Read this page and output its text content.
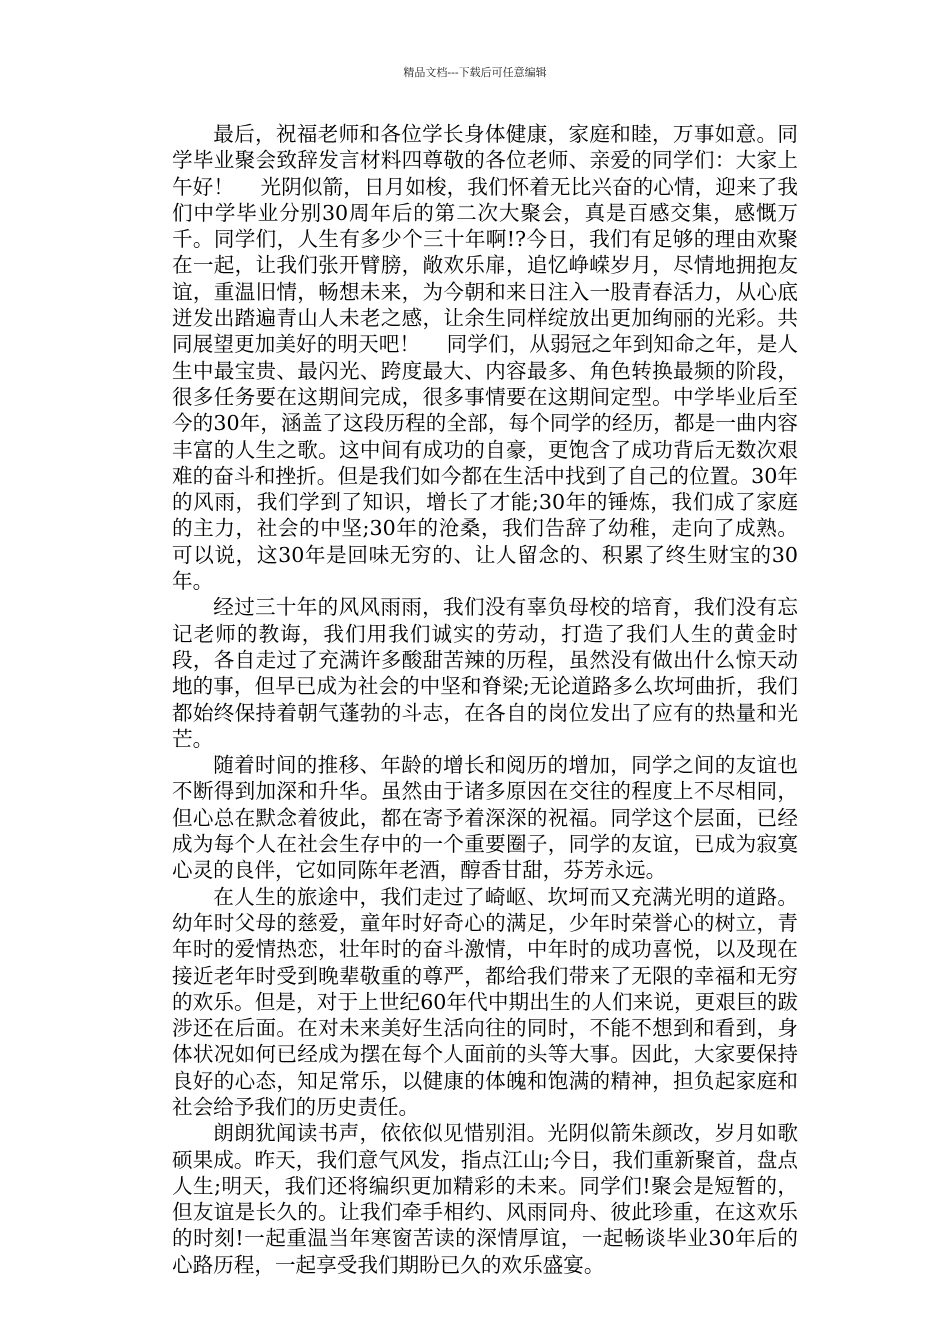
精品文档---下载后可任意编辑

最后，祝福老师和各位学长身体健康，家庭和睦，万事如意。同学毕业聚会致辞发言材料四尊敬的各位老师、亲爱的同学们：大家上午好！    光阴似箭，日月如梭，我们怀着无比兴奋的心情，迎来了我们中学毕业分别30周年后的第二次大聚会，真是百感交集，感慨万千。同学们，人生有多少个三十年啊!?今日，我们有足够的理由欢聚在一起，让我们张开臂膀，敞欢乐扉，追忆峥嵘岁月，尽情地拥抱友谊，重温旧情，畅想未来，为今朝和来日注入一股青春活力，从心底迸发出踏遍青山人未老之感，让余生同样绽放出更加绚丽的光彩。共同展望更加美好的明天吧！    同学们，从弱冠之年到知命之年，是人生中最宝贵、最闪光、跨度最大、内容最多、角色转换最频的阶段，很多任务要在这期间完成，很多事情要在这期间定型。中学毕业后至今的30年，涵盖了这段历程的全部，每个同学的经历，都是一曲内容丰富的人生之歌。这中间有成功的自豪，更饱含了成功背后无数次艰难的奋斗和挫折。但是我们如今都在生活中找到了自己的位置。30年的风雨，我们学到了知识，增长了才能;30年的锤炼，我们成了家庭的主力，社会的中坚;30年的沧桑，我们告辞了幼稚，走向了成熟。可以说，这30年是回味无穷的、让人留念的、积累了终生财宝的30年。

经过三十年的风风雨雨，我们没有辜负母校的培育，我们没有忘记老师的教诲，我们用我们诚实的劳动，打造了我们人生的黄金时段，各自走过了充满许多酸甜苦辣的历程，虽然没有做出什么惊天动地的事，但早已成为社会的中坚和脊梁;无论道路多么坎坷曲折，我们都始终保持着朝气蓬勃的斗志，在各自的岗位发出了应有的热量和光芒。

随着时间的推移、年龄的增长和阅历的增加，同学之间的友谊也不断得到加深和升华。虽然由于诸多原因在交往的程度上不尽相同，但心总在默念着彼此，都在寄予着深深的祝福。同学这个层面，已经成为每个人在社会生存中的一个重要圈子，同学的友谊，已成为寂寞心灵的良伴，它如同陈年老酒，醇香甘甜，芬芳永远。

在人生的旅途中，我们走过了崎岖、坎坷而又充满光明的道路。幼年时父母的慈爱，童年时好奇心的满足，少年时荣誉心的树立，青年时的爱情热恋，壮年时的奋斗激情，中年时的成功喜悦，以及现在接近老年时受到晚辈敬重的尊严，都给我们带来了无限的幸福和无穷的欢乐。但是，对于上世纪60年代中期出生的人们来说，更艰巨的跋涉还在后面。在对未来美好生活向往的同时，不能不想到和看到，身体状况如何已经成为摆在每个人面前的头等大事。因此，大家要保持良好的心态，知足常乐，以健康的体魄和饱满的精神，担负起家庭和社会给予我们的历史责任。

朗朗犹闻读书声，依依似见惜别泪。光阴似箭朱颜改，岁月如歌硕果成。昨天，我们意气风发，指点江山;今日，我们重新聚首，盘点人生;明天，我们还将编织更加精彩的未来。同学们!聚会是短暂的，但友谊是长久的。让我们牵手相约、风雨同舟、彼此珍重，在这欢乐的时刻!一起重温当年寒窗苦读的深情厚谊，一起畅谈毕业30年后的心路历程，一起享受我们期盼已久的欢乐盛宴。
